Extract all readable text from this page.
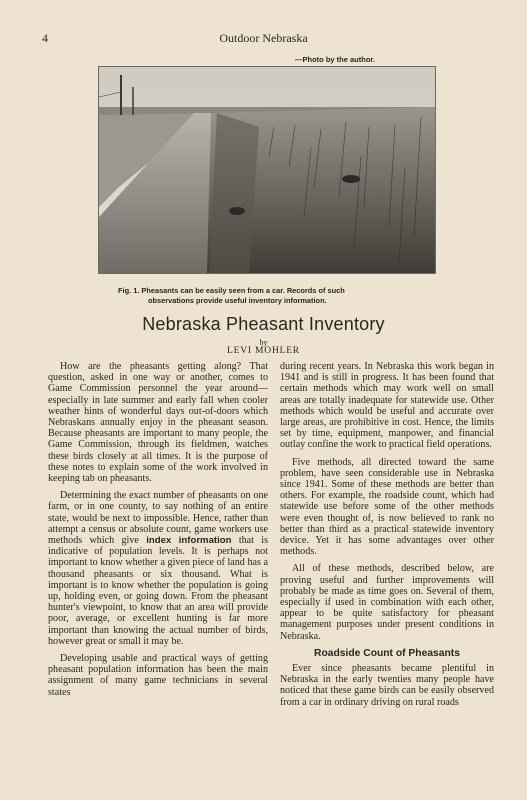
4	Outdoor Nebraska
—Photo by the author.
Fig. 1. Pheasants can be easily seen from a car. Records of such
observations provide useful inventory information.
Nebraska Pheasant Inventory
by
LEVI MOHLER

How are the pheasants getting along? That question, asked in one way or another, comes to Game Commission personnel the year around—especially in late summer and early fall when cooler weather hints of wonderful days out-of-doors which Nebraskans annually enjoy in the pheasant season. Because pheasants are important to many people, the Game Commission, through its fieldmen, watches these birds closely at all times. It is the purpose of these notes to explain some of the work involved in keeping tab on pheasants.

Determining the exact number of pheasants on one farm, or in one county, to say nothing of an entire state, would be next to impossible. Hence, rather than attempt a census or absolute count, game workers use methods which give index information that is indicative of population levels. It is perhaps not important to know whether a given piece of land has a thousand pheasants or six thousand. What is important is to know whether the population is going up, holding even, or going down. From the pheasant hunter's viewpoint, to know that an area will provide poor, average, or excellent hunting is far more important than knowing the actual number of birds, however great or small it may be.

Developing usable and practical ways of getting pheasant population information has been the main assignment of many game technicians in several states

during recent years. In Nebraska this work began in 1941 and is still in progress. It has been found that certain methods which may work well on small areas are totally inadequate for statewide use. Other methods which would be useful and accurate over large areas, are prohibitive in cost. Hence, the limits set by time, equipment, manpower, and financial outlay confine the work to practical field operations.

Five methods, all directed toward the same problem, have seen considerable use in Nebraska since 1941. Some of these methods are better than others. For example, the roadside count, which had statewide use before some of the other methods were even thought of, is now believed to rank no better than third as a practical statewide inventory device. Yet it has some advantages over other methods.

All of these methods, described below, are proving useful and further improvements will probably be made as time goes on. Several of them, especially if used in combination with each other, appear to be quite satisfactory for pheasant management purposes under present conditions in Nebraska.

Roadside Count of Pheasants

Ever since pheasants became plentiful in Nebraska in the early twenties many people have noticed that these game birds can be easily observed from a car in ordinary driving on rural roads
